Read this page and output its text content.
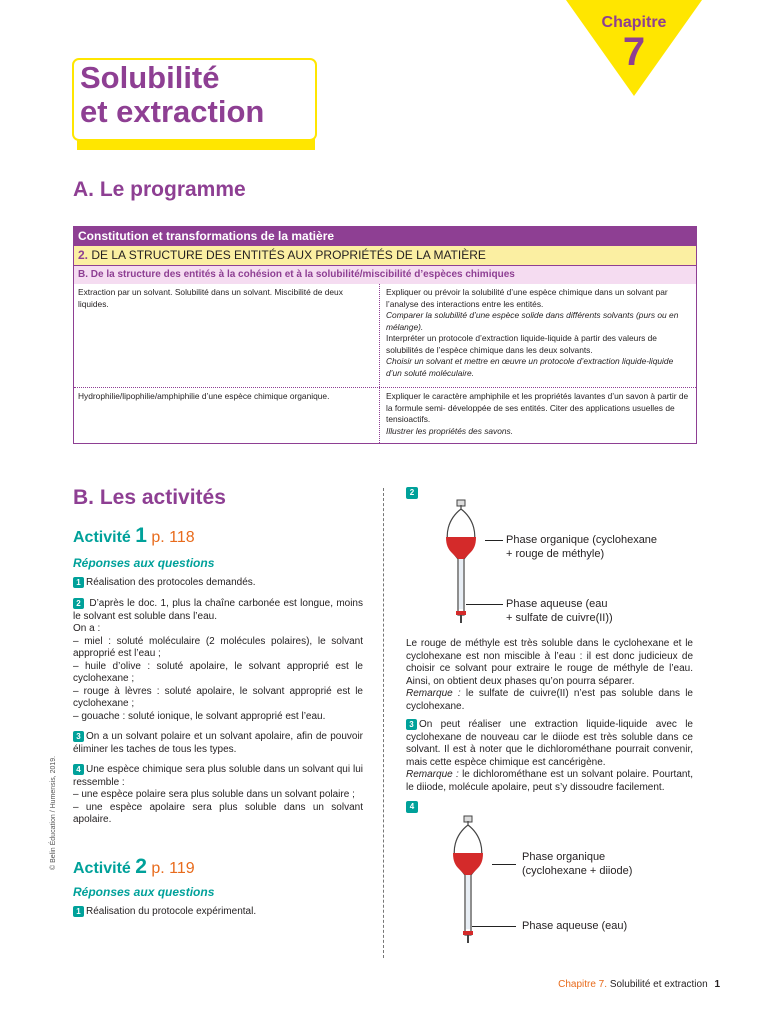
Chapitre
7
Solubilité
et extraction
A. Le programme
Constitution et transformations de la matière
2. DE LA STRUCTURE DES ENTITÉS AUX PROPRIÉTÉS DE LA MATIÈRE
B. De la structure des entités à la cohésion et à la solubilité/miscibilité d’espèces chimiques
Extraction par un solvant. Solubilité dans un solvant. Miscibilité de deux liquides.
Expliquer ou prévoir la solubilité d’une espèce chimique dans un solvant par l’analyse des interactions entre les entités.
Comparer la solubilité d’une espèce solide dans différents solvants (purs ou en mélange).
Interpréter un protocole d’extraction liquide-liquide à partir des valeurs de solubilités de l’espèce chimique dans les deux solvants.
Choisir un solvant et mettre en œuvre un protocole d’extraction liquide-liquide d’un soluté moléculaire.
Hydrophilie/lipophilie/amphiphilie d’une espèce chimique organique.	Expliquer le caractère amphiphile et les propriétés lavantes d’un savon à partir de la formule semi- développée de ses entités. Citer des applications usuelles de tensioactifs.
Illustrer les propriétés des savons.
B. Les activités
Activité 1 p. 118
Réponses aux questions
1 Réalisation des protocoles demandés.
2 D’après le doc. 1, plus la chaîne carbonée est longue, moins le solvant est soluble dans l’eau.
On a :
– miel : soluté moléculaire (2 molécules polaires), le solvant approprié est l’eau ;
– huile d’olive : soluté apolaire, le solvant approprié est le cyclohexane ;
– rouge à lèvres : soluté apolaire, le solvant approprié est le cyclohexane ;
– gouache : soluté ionique, le solvant approprié est l’eau.
3 On a un solvant polaire et un solvant apolaire, afin de pouvoir éliminer les taches de tous les types.
4 Une espèce chimique sera plus soluble dans un solvant qui lui ressemble :
– une espèce polaire sera plus soluble dans un solvant polaire ;
– une espèce apolaire sera plus soluble dans un solvant apolaire.
Activité 2 p. 119
Réponses aux questions
1 Réalisation du protocole expérimental.
2
Phase organique (cyclohexane
+ rouge de méthyle)
Phase aqueuse (eau
+ sulfate de cuivre(II))
Le rouge de méthyle est très soluble dans le cyclohexane et le cyclohexane est non miscible à l’eau : il est donc judicieux de choisir ce solvant pour extraire le rouge de méthyle de l’eau. Ainsi, on obtient deux phases qu’on pourra séparer.
Remarque : le sulfate de cuivre(II) n’est pas soluble dans le cyclohexane.
3 On peut réaliser une extraction liquide-liquide avec le cyclohexane de nouveau car le diiode est très soluble dans ce solvant. Il est à noter que le dichlorométhane pourrait convenir, mais cette espèce chimique est cancérigène.
Remarque : le dichlorométhane est un solvant polaire. Pourtant, le diiode, molécule apolaire, peut s’y dissoudre facilement.
4
Phase organique
(cyclohexane + diiode)
Phase aqueuse (eau)
© Belin Éducation / Humensis, 2019.
Chapitre 7. Solubilité et extraction 1
